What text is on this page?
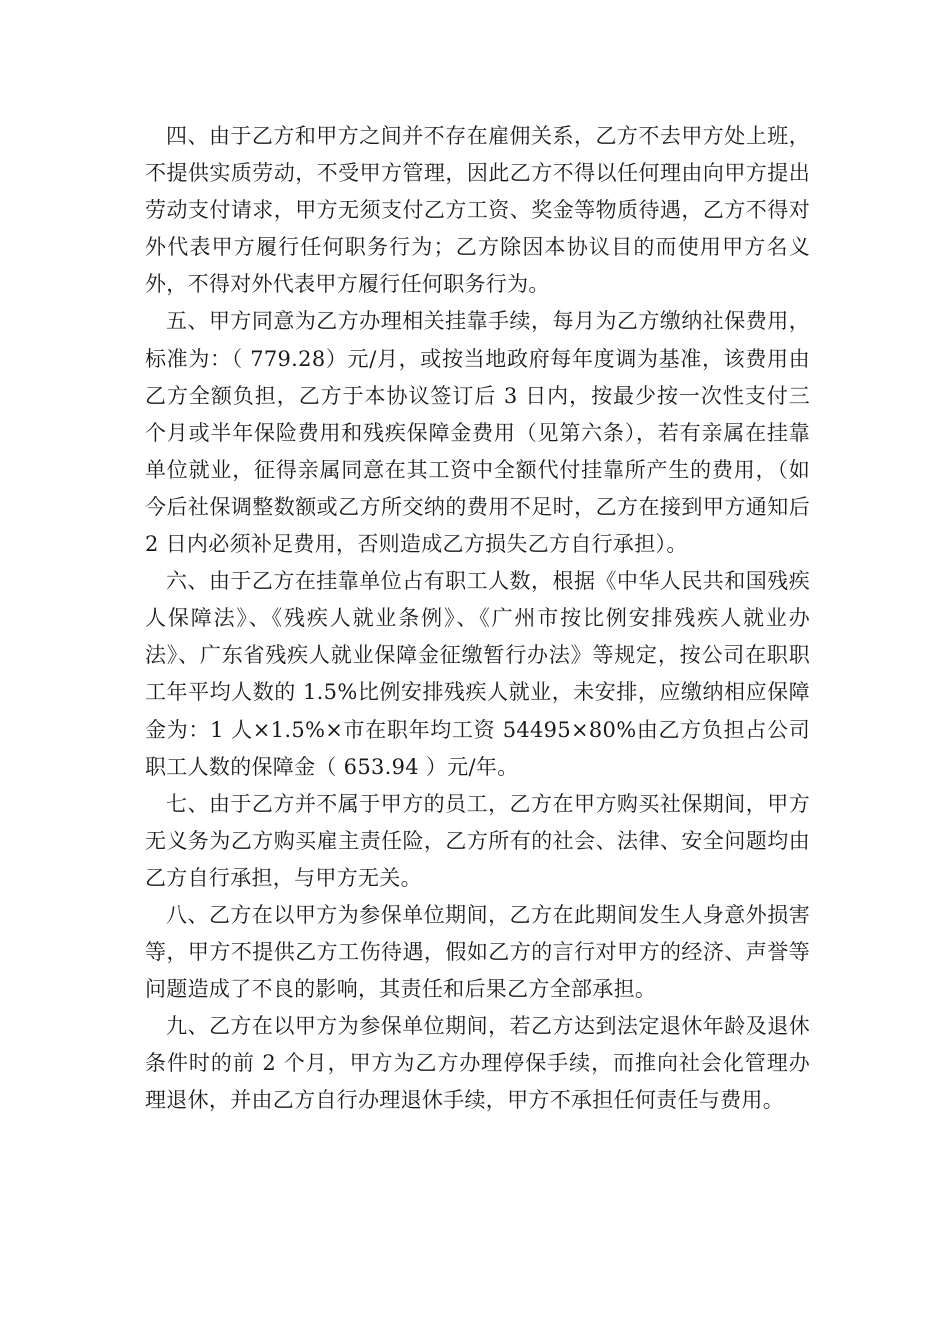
四、由于乙方和甲方之间并不存在雇佣关系，乙方不去甲方处上班，不提供实质劳动，不受甲方管理，因此乙方不得以任何理由向甲方提出劳动支付请求，甲方无须支付乙方工资、奖金等物质待遇，乙方不得对外代表甲方履行任何职务行为；乙方除因本协议目的而使用甲方名义外，不得对外代表甲方履行任何职务行为。

五、甲方同意为乙方办理相关挂靠手续，每月为乙方缴纳社保费用，标准为：（ 779.28）元/月，或按当地政府每年度调为基准，该费用由乙方全额负担，乙方于本协议签订后 3 日内，按最少按一次性支付三个月或半年保险费用和残疾保障金费用（见第六条），若有亲属在挂靠单位就业，征得亲属同意在其工资中全额代付挂靠所产生的费用，（如今后社保调整数额或乙方所交纳的费用不足时，乙方在接到甲方通知后 2 日内必须补足费用，否则造成乙方损失乙方自行承担）。

六、由于乙方在挂靠单位占有职工人数，根据《中华人民共和国残疾人保障法》、《残疾人就业条例》、《广州市按比例安排残疾人就业办法》、广东省残疾人就业保障金征缴暂行办法》等规定，按公司在职职工年平均人数的 1.5%比例安排残疾人就业，未安排，应缴纳相应保障金为：1 人×1.5%×市在职年均工资 54495×80%由乙方负担占公司职工人数的保障金（ 653.94 ）元/年。

七、由于乙方并不属于甲方的员工，乙方在甲方购买社保期间，甲方无义务为乙方购买雇主责任险，乙方所有的社会、法律、安全问题均由乙方自行承担，与甲方无关。

八、乙方在以甲方为参保单位期间，乙方在此期间发生人身意外损害等，甲方不提供乙方工伤待遇，假如乙方的言行对甲方的经济、声誉等问题造成了不良的影响，其责任和后果乙方全部承担。

九、乙方在以甲方为参保单位期间，若乙方达到法定退休年龄及退休条件时的前 2 个月，甲方为乙方办理停保手续，而推向社会化管理办理退休，并由乙方自行办理退休手续，甲方不承担任何责任与费用。
